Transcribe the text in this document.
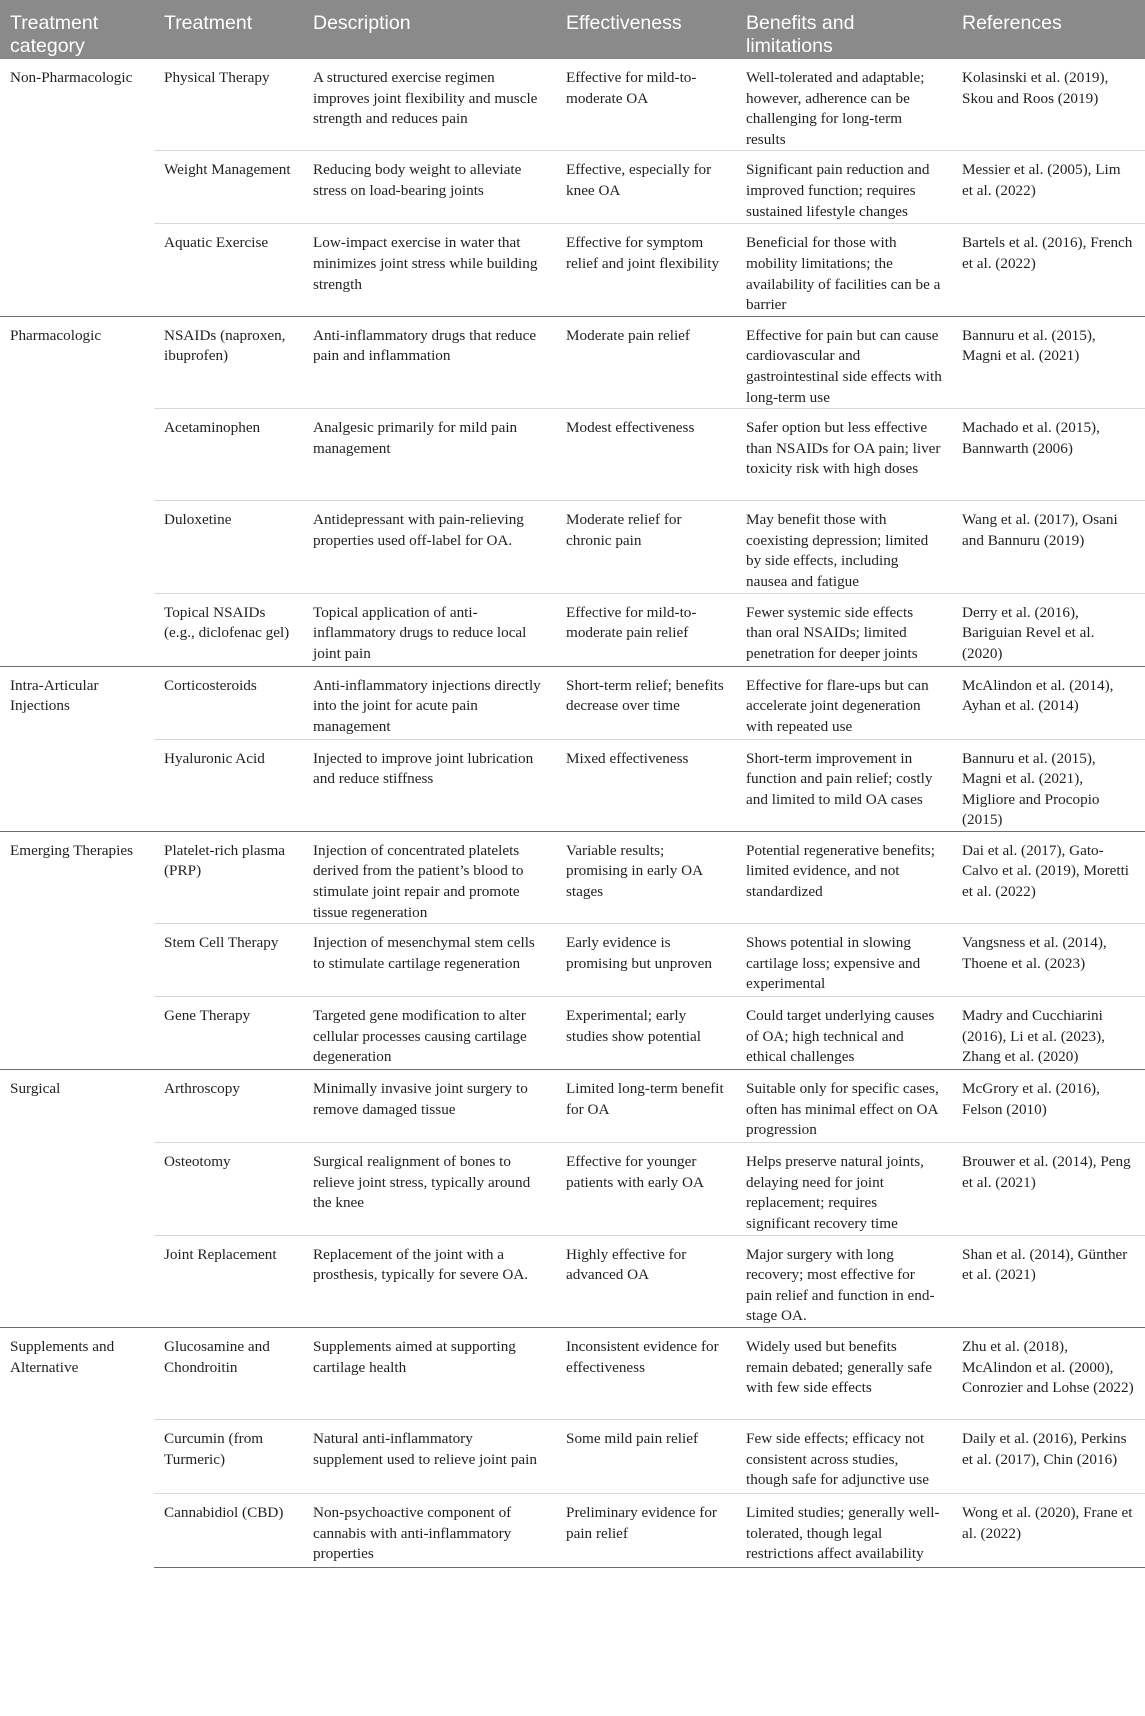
Treatment category	Treatment	Description	Effectiveness	Benefits and limitations	References
Non-Pharmacologic	Physical Therapy	A structured exercise regimen improves joint flexibility and muscle strength and reduces pain	Effective for mild-to-moderate OA	Well-tolerated and adaptable; however, adherence can be challenging for long-term results	Kolasinski et al. (2019), Skou and Roos (2019)
	Weight Management	Reducing body weight to alleviate stress on load-bearing joints	Effective, especially for knee OA	Significant pain reduction and improved function; requires sustained lifestyle changes	Messier et al. (2005), Lim et al. (2022)
	Aquatic Exercise	Low-impact exercise in water that minimizes joint stress while building strength	Effective for symptom relief and joint flexibility	Beneficial for those with mobility limitations; the availability of facilities can be a barrier	Bartels et al. (2016), French et al. (2022)
Pharmacologic	NSAIDs (naproxen, ibuprofen)	Anti-inflammatory drugs that reduce pain and inflammation	Moderate pain relief	Effective for pain but can cause cardiovascular and gastrointestinal side effects with long-term use	Bannuru et al. (2015), Magni et al. (2021)
	Acetaminophen	Analgesic primarily for mild pain management	Modest effectiveness	Safer option but less effective than NSAIDs for OA pain; liver toxicity risk with high doses	Machado et al. (2015), Bannwarth (2006)
	Duloxetine	Antidepressant with pain-relieving properties used off-label for OA.	Moderate relief for chronic pain	May benefit those with coexisting depression; limited by side effects, including nausea and fatigue	Wang et al. (2017), Osani and Bannuru (2019)
	Topical NSAIDs (e.g., diclofenac gel)	Topical application of anti-inflammatory drugs to reduce local joint pain	Effective for mild-to-moderate pain relief	Fewer systemic side effects than oral NSAIDs; limited penetration for deeper joints	Derry et al. (2016), Bariguian Revel et al. (2020)
Intra-Articular Injections	Corticosteroids	Anti-inflammatory injections directly into the joint for acute pain management	Short-term relief; benefits decrease over time	Effective for flare-ups but can accelerate joint degeneration with repeated use	McAlindon et al. (2014), Ayhan et al. (2014)
	Hyaluronic Acid	Injected to improve joint lubrication and reduce stiffness	Mixed effectiveness	Short-term improvement in function and pain relief; costly and limited to mild OA cases	Bannuru et al. (2015), Magni et al. (2021), Migliore and Procopio (2015)
Emerging Therapies	Platelet-rich plasma (PRP)	Injection of concentrated platelets derived from the patient’s blood to stimulate joint repair and promote tissue regeneration	Variable results; promising in early OA stages	Potential regenerative benefits; limited evidence, and not standardized	Dai et al. (2017), Gato-Calvo et al. (2019), Moretti et al. (2022)
	Stem Cell Therapy	Injection of mesenchymal stem cells to stimulate cartilage regeneration	Early evidence is promising but unproven	Shows potential in slowing cartilage loss; expensive and experimental	Vangsness et al. (2014), Thoene et al. (2023)
	Gene Therapy	Targeted gene modification to alter cellular processes causing cartilage degeneration	Experimental; early studies show potential	Could target underlying causes of OA; high technical and ethical challenges	Madry and Cucchiarini (2016), Li et al. (2023), Zhang et al. (2020)
Surgical	Arthroscopy	Minimally invasive joint surgery to remove damaged tissue	Limited long-term benefit for OA	Suitable only for specific cases, often has minimal effect on OA progression	McGrory et al. (2016), Felson (2010)
	Osteotomy	Surgical realignment of bones to relieve joint stress, typically around the knee	Effective for younger patients with early OA	Helps preserve natural joints, delaying need for joint replacement; requires significant recovery time	Brouwer et al. (2014), Peng et al. (2021)
	Joint Replacement	Replacement of the joint with a prosthesis, typically for severe OA.	Highly effective for advanced OA	Major surgery with long recovery; most effective for pain relief and function in end-stage OA.	Shan et al. (2014), Günther et al. (2021)
Supplements and Alternative	Glucosamine and Chondroitin	Supplements aimed at supporting cartilage health	Inconsistent evidence for effectiveness	Widely used but benefits remain debated; generally safe with few side effects	Zhu et al. (2018), McAlindon et al. (2000), Conrozier and Lohse (2022)
	Curcumin (from Turmeric)	Natural anti-inflammatory supplement used to relieve joint pain	Some mild pain relief	Few side effects; efficacy not consistent across studies, though safe for adjunctive use	Daily et al. (2016), Perkins et al. (2017), Chin (2016)
	Cannabidiol (CBD)	Non-psychoactive component of cannabis with anti-inflammatory properties	Preliminary evidence for pain relief	Limited studies; generally well-tolerated, though legal restrictions affect availability	Wong et al. (2020), Frane et al. (2022)
